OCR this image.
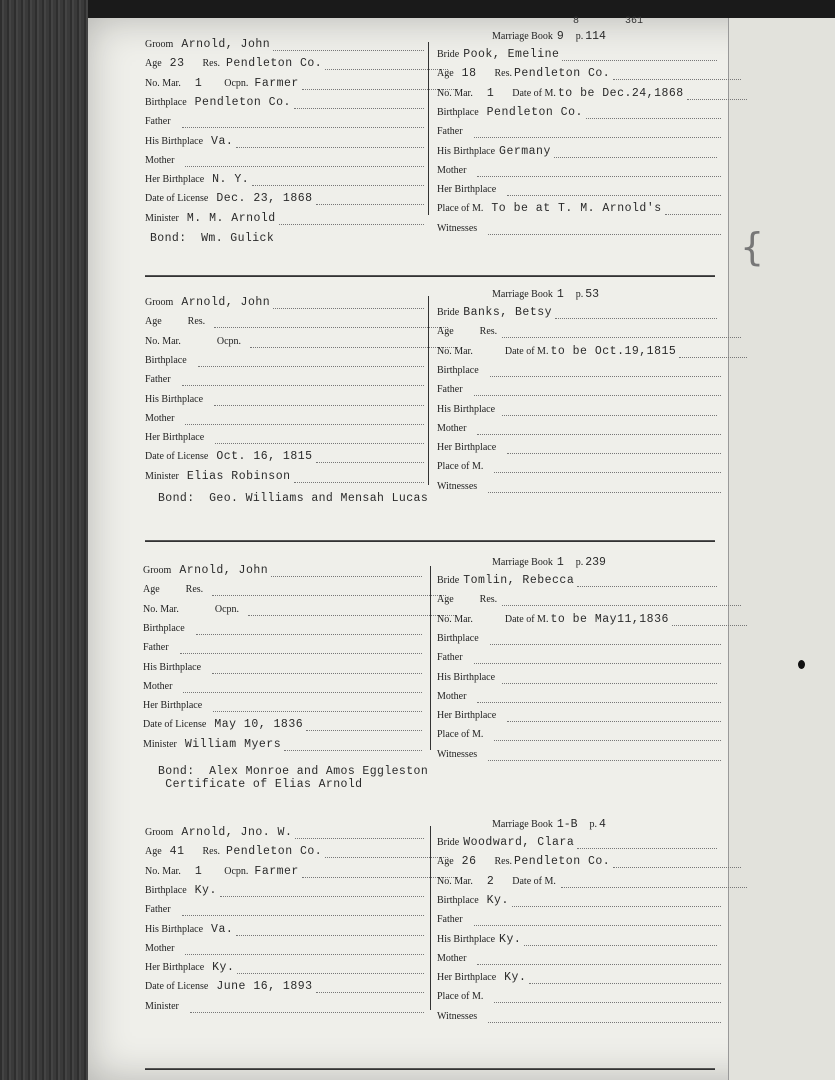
{
Groom Arnold, John
Age 23 Res. Pendleton Co.
No. Mar. 1 Ocpn. Farmer
Birthplace Pendleton Co.
Father
His Birthplace Va.
Mother
Her Birthplace N. Y.
Date of License Dec. 23, 1868
Minister M. M. Arnold
Marriage Book 9 p. 114
8	361
Bride Pook, Emeline
Age 18 Res. Pendleton Co.
No. Mar. 1 Date of M. to be Dec.24,1868
Birthplace Pendleton Co.
Father
His Birthplace Germany
Mother
Her Birthplace
Place of M. To be at T. M. Arnold's
Witnesses
Bond:  Wm. Gulick
Groom Arnold, John
Age	Res.
No. Mar.	Ocpn.
Birthplace
Father
His Birthplace
Mother
Her Birthplace
Date of License Oct. 16, 1815
Minister Elias Robinson
Marriage Book 1 p. 53
Bride Banks, Betsy
Age	Res.
No. Mar.	Date of M. to be Oct.19,1815
Birthplace
Father
His Birthplace
Mother
Her Birthplace
Place of M.
Witnesses
Bond:  Geo. Williams and Mensah Lucas
Groom Arnold, John
Age	Res.
No. Mar.	Ocpn.
Birthplace
Father
His Birthplace
Mother
Her Birthplace
Date of License May 10, 1836
Minister William Myers
Marriage Book 1 p. 239
Bride Tomlin, Rebecca
Age	Res.
No. Mar.	Date of M. to be May11,1836
Birthplace
Father
His Birthplace
Mother
Her Birthplace
Place of M.
Witnesses
Bond:  Alex Monroe and Amos Eggleston
Certificate of Elias Arnold
Groom Arnold, Jno. W.
Age 41 Res. Pendleton Co.
No. Mar. 1 Ocpn. Farmer
Birthplace Ky.
Father
His Birthplace Va.
Mother
Her Birthplace Ky.
Date of License June 16, 1893
Minister
Marriage Book 1-B p. 4
Bride Woodward, Clara
Age 26 Res. Pendleton Co.
No. Mar. 2 Date of M.
Birthplace Ky.
Father
His Birthplace Ky.
Mother
Her Birthplace Ky.
Place of M.
Witnesses
